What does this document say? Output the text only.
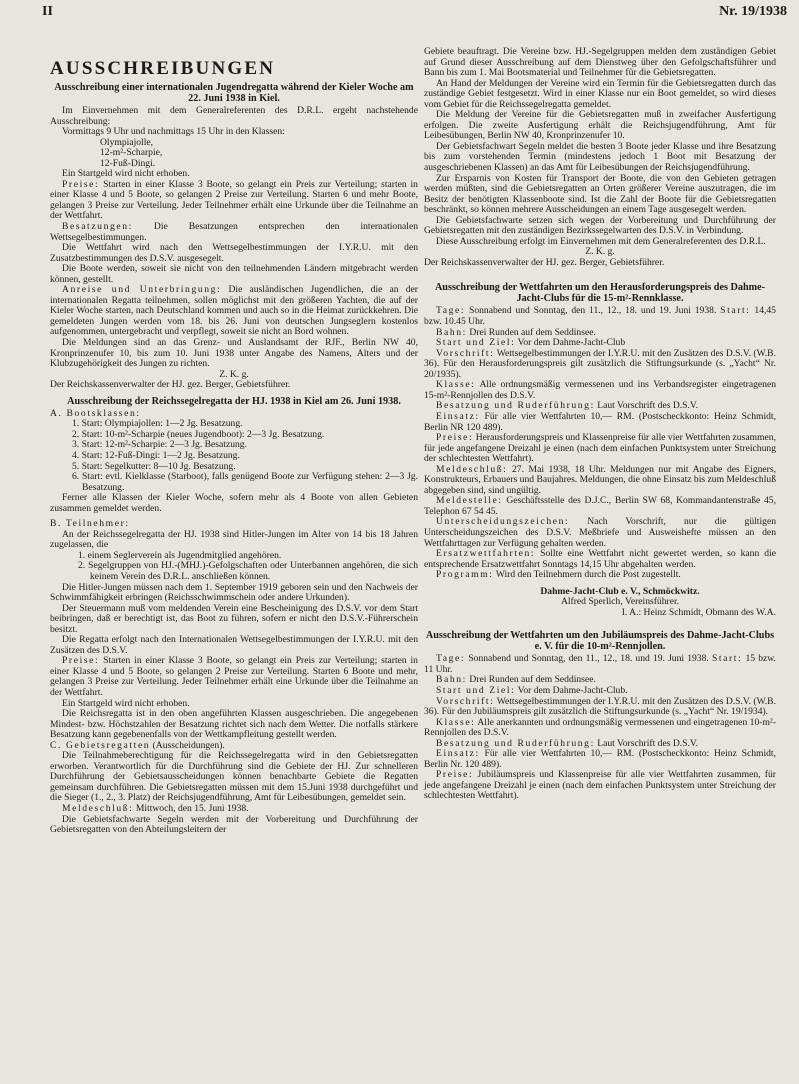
II	Nr. 19/1938
AUSSCHREIBUNGEN
Ausschreibung einer internationalen Jugendregatta während der Kieler Woche am 22. Juni 1938 in Kiel.

Im Einvernehmen mit dem Generalreferenten des D.R.L. ergeht nachstehende Ausschreibung:

Vormittags 9 Uhr und nachmittags 15 Uhr in den Klassen:

Olympiajolle,

12-m²-Scharpie,

12-Fuß-Dingi.

Ein Startgeld wird nicht erhoben.

Preise: Starten in einer Klasse 3 Boote, so gelangt ein Preis zur Verteilung; starten in einer Klasse 4 und 5 Boote, so gelangen 2 Preise zur Verteilung. Starten 6 und mehr Boote, gelangen 3 Preise zur Verteilung. Jeder Teilnehmer erhält eine Urkunde über die Teilnahme an der Wettfahrt.

Besatzungen: Die Besatzungen entsprechen den internationalen Wettsegelbestimmungen.

Die Wettfahrt wird nach den Wettsegelbestimmungen der I.Y.R.U. mit den Zusatzbestimmungen des D.S.V. ausgesegelt.

Die Boote werden, soweit sie nicht von den teilnehmenden Ländern mitgebracht werden können, gestellt.

Anreise und Unterbringung: Die ausländischen Jugendlichen, die an der internationalen Regatta teilnehmen, sollen möglichst mit den größeren Yachten, die auf der Kieler Woche starten, nach Deutschland kommen und auch so in die Heimat zurückkehren. Die gemeldeten Jungen werden vom 18. bis 26. Juni von deutschen Jungseglern kostenlos aufgenommen, untergebracht und verpflegt, soweit sie nicht an Bord wohnen.

Die Meldungen sind an das Grenz- und Auslandsamt der RJF., Berlin NW 40, Kronprinzenufer 10, bis zum 10. Juni 1938 unter Angabe des Namens, Alters und der Klubzugehörigkeit des Jungen zu richten.

Z. K. g.

Der Reichskassenverwalter der HJ. gez. Berger, Gebietsführer.

Ausschreibung der Reichssegelregatta der HJ. 1938 in Kiel am 26. Juni 1938.

A. Bootsklassen:

1. Start: Olympiajollen: 1—2 Jg. Besatzung.
2. Start: 10-m²-Scharpie (neues Jugendboot): 2—3 Jg. Besatzung.
3. Start: 12-m²-Scharpie: 2—3 Jg. Besatzung.
4. Start: 12-Fuß-Dingi: 1—2 Jg. Besatzung.
5. Start: Segelkutter: 8—10 Jg. Besatzung.
6. Start: evtl. Kielklasse (Starboot), falls genügend Boote zur Verfügung stehen: 2—3 Jg. Besatzung.

Ferner alle Klassen der Kieler Woche, sofern mehr als 4 Boote von allen Gebieten zusammen gemeldet werden.

B. Teilnehmer:

An der Reichssegelregatta der HJ. 1938 sind Hitler-Jungen im Alter von 14 bis 18 Jahren zugelassen, die

1. einem Seglerverein als Jugendmitglied angehören.
2. Segelgruppen von HJ.-(MHJ.)-Gefolgschaften oder Unterbannen angehören, die sich keinem Verein des D.R.L. anschließen können.

Die Hitler-Jungen müssen nach dem 1. September 1919 geboren sein und den Nachweis der Schwimmfähigkeit erbringen (Reichsschwimmschein oder andere Urkunden).

Der Steuermann muß vom meldenden Verein eine Bescheinigung des D.S.V. vor dem Start beibringen, daß er berechtigt ist, das Boot zu führen, sofern er nicht den D.S.V.-Führerschein besitzt.

Die Regatta erfolgt nach den Internationalen Wettsegelbestimmungen der I.Y.R.U. mit den Zusätzen des D.S.V.

Preise: Starten in einer Klasse 3 Boote, so gelangt ein Preis zur Verteilung; starten in einer Klasse 4 und 5 Boote, so gelangen 2 Preise zur Verteilung. Starten 6 Boote und mehr, gelangen 3 Preise zur Verteilung. Jeder Teilnehmer erhält eine Urkunde über die Teilnahme an der Wettfahrt.

Ein Startgeld wird nicht erhoben.

Die Reichsregatta ist in den oben angeführten Klassen ausgeschrieben. Die angegebenen Mindest- bzw. Höchstzahlen der Besatzung richtet sich nach dem Wetter. Die notfalls stärkere Besatzung kann gegebenenfalls von der Wettkampfleitung gestellt werden.

C. Gebietsregatten (Ausscheidungen).

Die Teilnahmeberechtigung für die Reichssegelregatta wird in den Gebietsregatten erworben. Verantwortlich für die Durchführung sind die Gebiete der HJ. Zur schnelleren Durchführung der Gebietsausscheidungen können benachbarte Gebiete die Regatten gemeinsam durchführen. Die Gebietsregatten müssen mit dem 15.Juni 1938 durchgeführt und die Sieger (1., 2., 3. Platz) der Reichsjugendführung, Amt für Leibesübungen, gemeldet sein.

Meldeschluß: Mittwoch, den 15. Juni 1938.

Die Gebietsfachwarte Segeln werden mit der Vorbereitung und Durchführung der Gebietsregatten von den Abteilungsleitern der

Gebiete beauftragt. Die Vereine bzw. HJ.-Segelgruppen melden dem zuständigen Gebiet auf Grund dieser Ausschreibung auf dem Dienstweg über den Gefolgschaftsführer und Bann bis zum 1. Mai Bootsmaterial und Teilnehmer für die Gebietsregatten.

An Hand der Meldungen der Vereine wird ein Termin für die Gebietsregatten durch das zuständige Gebiet festgesetzt. Wird in einer Klasse nur ein Boot gemeldet, so wird dieses vom Gebiet für die Reichssegelregatta gemeldet.

Die Meldung der Vereine für die Gebietsregatten muß in zweifacher Ausfertigung erfolgen. Die zweite Ausfertigung erhält die Reichsjugendführung, Amt für Leibesübungen, Berlin NW 40, Kronprinzenufer 10.

Der Gebietsfachwart Segeln meldet die besten 3 Boote jeder Klasse und ihre Besatzung bis zum vorstehenden Termin (mindestens jedoch 1 Boot mit Besatzung der ausgeschriebenen Klassen) an das Amt für Leibesübungen der Reichsjugendführung.

Zur Ersparnis von Kosten für Transport der Boote, die von den Gebieten getragen werden müßten, sind die Gebietsregatten an Orten größerer Vereine auszutragen, die im Besitz der benötigten Klassenboote sind. Ist die Zahl der Boote für die Gebietsregatten beschränkt, so können mehrere Ausscheidungen an einem Tage ausgesegelt werden.

Die Gebietsfachwarte setzen sich wegen der Vorbereitung und Durchführung der Gebietsregatten mit den zuständigen Bezirkssegelwarten des D.S.V. in Verbindung.

Diese Ausschreibung erfolgt im Einvernehmen mit dem Generalreferenten des D.R.L.

Z. K. g.

Der Reichskassenverwalter der HJ. gez. Berger, Gebietsführer.

Ausschreibung der Wettfahrten um den Herausforderungspreis des Dahme-Jacht-Clubs für die 15-m²-Rennklasse.

Tage: Sonnabend und Sonntag, den 11., 12., 18. und 19. Juni 1938. Start: 14,45 bzw. 10.45 Uhr.

Bahn: Drei Runden auf dem Seddinsee.

Start und Ziel: Vor dem Dahme-Jacht-Club

Vorschrift: Wettsegelbestimmungen der I.Y.R.U. mit den Zusätzen des D.S.V. (W.B. 36). Für den Herausforderungspreis gilt zusätzlich die Stiftungsurkunde (s. „Yacht“ Nr. 20/1935).

Klasse: Alle ordnungsmäßig vermessenen und ins Verbandsregister eingetragenen 15-m²-Rennjollen des D.S.V.

Besatzung und Ruderführung: Laut Vorschrift des D.S.V.

Einsatz: Für alle vier Wettfahrten 10,— RM. (Postscheckkonto: Heinz Schmidt, Berlin NR 120 489).

Preise: Herausforderungspreis und Klassenpreise für alle vier Wettfahrten zusammen, für jede angefangene Dreizahl je einen (nach dem einfachen Punktsystem unter Streichung der schlechtesten Wettfahrt).

Meldeschluß: 27. Mai 1938, 18 Uhr. Meldungen nur mit Angabe des Eigners, Konstrukteurs, Erbauers und Baujahres. Meldungen, die ohne Einsatz bis zum Meldeschluß abgegeben sind, sind ungültig.

Meldestelle: Geschäftsstelle des D.J.C., Berlin SW 68, Kommandantenstraße 45, Telephon 67 54 45.

Unterscheidungszeichen: Nach Vorschrift, nur die gültigen Unterscheidungszeichen des D.S.V. Meßbriefe und Ausweishefte müssen an den Wettfahrttagen zur Verfügung gehalten werden.

Ersatzwettfahrten: Sollte eine Wettfahrt nicht gewertet werden, so kann die entsprechende Ersatzwettfahrt Sonntags 14,15 Uhr abgehalten werden.

Programm: Wird den Teilnehmern durch die Post zugestellt.

Dahme-Jacht-Club e. V., Schmöckwitz.

Alfred Sperlich, Vereinsführer.

I. A.: Heinz Schmidt, Obmann des W.A.

Ausschreibung der Wettfahrten um den Jubiläumspreis des Dahme-Jacht-Clubs e. V. für die 10-m²-Rennjollen.

Tage: Sonnabend und Sonntag, den 11., 12., 18. und 19. Juni 1938. Start: 15 bzw. 11 Uhr.

Bahn: Drei Runden auf dem Seddinsee.

Start und Ziel: Vor dem Dahme-Jacht-Club.

Vorschrift: Wettsegelbestimmungen der I.Y.R.U. mit den Zusätzen des D.S.V. (W.B. 36). Für den Jubiläumspreis gilt zusätzlich die Stiftungsurkunde (s. „Yacht“ Nr. 19/1934).

Klasse: Alle anerkannten und ordnungsmäßig vermessenen und eingetragenen 10-m²-Rennjollen des D.S.V.

Besatzung und Ruderführung: Laut Vorschrift des D.S.V.

Einsatz: Für alle vier Wettfahrten 10,— RM. (Postscheckkonto: Heinz Schmidt, Berlin Nr. 120 489).

Preise: Jubiläumspreis und Klassenpreise für alle vier Wettfahrten zusammen, für jede angefangene Dreizahl je einen (nach dem einfachen Punktsystem unter Streichung der schlechtesten Wettfahrt).
